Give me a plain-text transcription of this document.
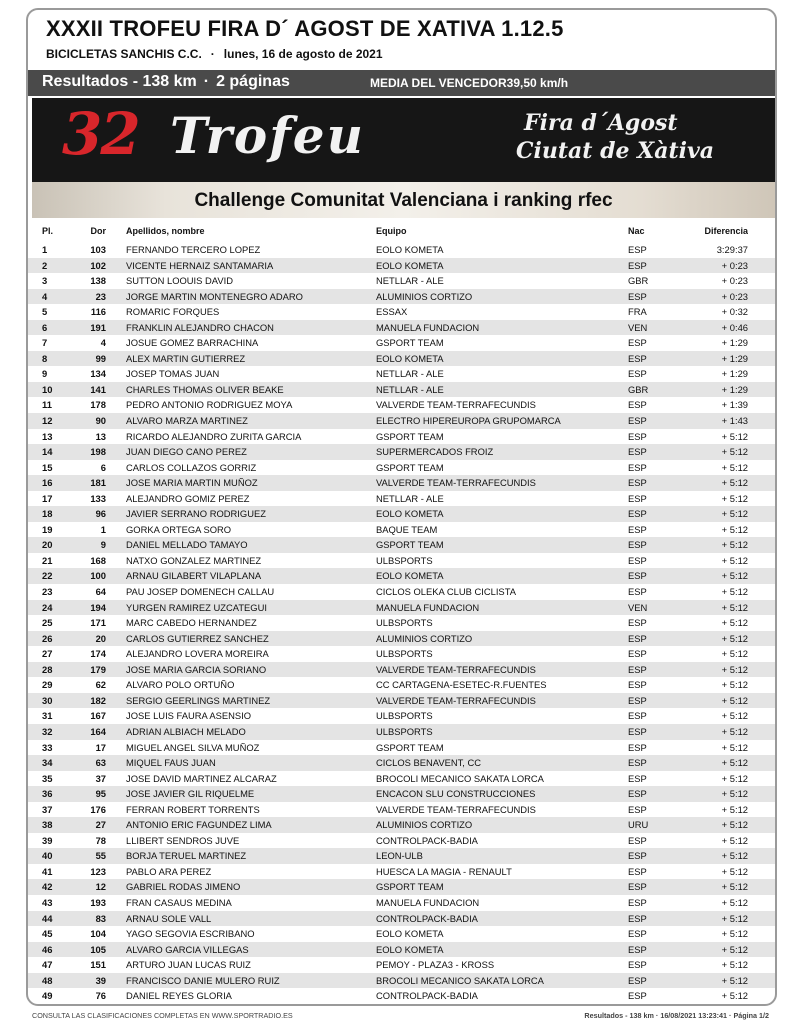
XXXII TROFEU FIRA D´ AGOST DE XATIVA 1.12.5
BICICLETAS SANCHIS C.C. · lunes, 16 de agosto de 2021
Resultados - 138 km · 2 páginas	MEDIA DEL VENCEDOR39,50 km/h
32 Trofeu	Fira d´Agost
Ciutat de Xàtiva
Challenge Comunitat Valenciana i ranking rfec
Pl.	Dor Apellidos, nombre	Equipo	Nac	Diferencia
1	103 FERNANDO TERCERO LOPEZ	EOLO KOMETA	ESP	3:29:37
2	102 VICENTE HERNAIZ SANTAMARIA	EOLO KOMETA	ESP	+ 0:23
3	138 SUTTON LOOUIS DAVID	NETLLAR - ALE	GBR	+ 0:23
4	23 JORGE MARTIN MONTENEGRO ADARO	ALUMINIOS CORTIZO	ESP	+ 0:23
5	116 ROMARIC FORQUES	ESSAX	FRA	+ 0:32
6	191 FRANKLIN ALEJANDRO CHACON	MANUELA FUNDACION	VEN	+ 0:46
7	4 JOSUE GOMEZ BARRACHINA	GSPORT TEAM	ESP	+ 1:29
8	99 ALEX MARTIN GUTIERREZ	EOLO KOMETA	ESP	+ 1:29
9	134 JOSEP TOMAS JUAN	NETLLAR - ALE	ESP	+ 1:29
10	141 CHARLES THOMAS OLIVER BEAKE	NETLLAR - ALE	GBR	+ 1:29
11	178 PEDRO ANTONIO RODRIGUEZ MOYA	VALVERDE TEAM-TERRAFECUNDIS	ESP	+ 1:39
12	90 ALVARO MARZA MARTINEZ	ELECTRO HIPEREUROPA GRUPOMARCA	ESP	+ 1:43
13	13 RICARDO ALEJANDRO ZURITA GARCIA	GSPORT TEAM	ESP	+ 5:12
14	198 JUAN DIEGO CANO PEREZ	SUPERMERCADOS FROIZ	ESP	+ 5:12
15	6 CARLOS COLLAZOS GORRIZ	GSPORT TEAM	ESP	+ 5:12
16	181 JOSE MARIA MARTIN MUÑOZ	VALVERDE TEAM-TERRAFECUNDIS	ESP	+ 5:12
17	133 ALEJANDRO GOMIZ PEREZ	NETLLAR - ALE	ESP	+ 5:12
18	96 JAVIER SERRANO RODRIGUEZ	EOLO KOMETA	ESP	+ 5:12
19	1 GORKA ORTEGA SORO	BAQUE TEAM	ESP	+ 5:12
20	9 DANIEL MELLADO TAMAYO	GSPORT TEAM	ESP	+ 5:12
21	168 NATXO GONZALEZ MARTINEZ	ULBSPORTS	ESP	+ 5:12
22	100 ARNAU GILABERT VILAPLANA	EOLO KOMETA	ESP	+ 5:12
23	64 PAU JOSEP DOMENECH CALLAU	CICLOS OLEKA CLUB CICLISTA	ESP	+ 5:12
24	194 YURGEN RAMIREZ UZCATEGUI	MANUELA FUNDACION	VEN	+ 5:12
25	171 MARC CABEDO HERNANDEZ	ULBSPORTS	ESP	+ 5:12
26	20 CARLOS GUTIERREZ SANCHEZ	ALUMINIOS CORTIZO	ESP	+ 5:12
27	174 ALEJANDRO LOVERA MOREIRA	ULBSPORTS	ESP	+ 5:12
28	179 JOSE MARIA GARCIA SORIANO	VALVERDE TEAM-TERRAFECUNDIS	ESP	+ 5:12
29	62 ALVARO POLO ORTUÑO	CC CARTAGENA-ESETEC-R.FUENTES	ESP	+ 5:12
30	182 SERGIO GEERLINGS MARTINEZ	VALVERDE TEAM-TERRAFECUNDIS	ESP	+ 5:12
31	167 JOSE LUIS FAURA ASENSIO	ULBSPORTS	ESP	+ 5:12
32	164 ADRIAN ALBIACH MELADO	ULBSPORTS	ESP	+ 5:12
33	17 MIGUEL ANGEL SILVA MUÑOZ	GSPORT TEAM	ESP	+ 5:12
34	63 MIQUEL FAUS JUAN	CICLOS BENAVENT, CC	ESP	+ 5:12
35	37 JOSE DAVID MARTINEZ ALCARAZ	BROCOLI MECANICO SAKATA LORCA	ESP	+ 5:12
36	95 JOSE JAVIER GIL RIQUELME	ENCACON SLU CONSTRUCCIONES	ESP	+ 5:12
37	176 FERRAN ROBERT TORRENTS	VALVERDE TEAM-TERRAFECUNDIS	ESP	+ 5:12
38	27 ANTONIO ERIC FAGUNDEZ LIMA	ALUMINIOS CORTIZO	URU	+ 5:12
39	78 LLIBERT SENDROS JUVE	CONTROLPACK-BADIA	ESP	+ 5:12
40	55 BORJA TERUEL MARTINEZ	LEON-ULB	ESP	+ 5:12
41	123 PABLO ARA PEREZ	HUESCA LA MAGIA - RENAULT	ESP	+ 5:12
42	12 GABRIEL RODAS JIMENO	GSPORT TEAM	ESP	+ 5:12
43	193 FRAN CASAUS MEDINA	MANUELA FUNDACION	ESP	+ 5:12
44	83 ARNAU SOLE VALL	CONTROLPACK-BADIA	ESP	+ 5:12
45	104 YAGO SEGOVIA ESCRIBANO	EOLO KOMETA	ESP	+ 5:12
46	105 ALVARO GARCIA VILLEGAS	EOLO KOMETA	ESP	+ 5:12
47	151 ARTURO JUAN LUCAS RUIZ	PEMOY - PLAZA3 - KROSS	ESP	+ 5:12
48	39 FRANCISCO DANIE MULERO RUIZ	BROCOLI MECANICO SAKATA LORCA	ESP	+ 5:12
49	76 DANIEL REYES GLORIA	CONTROLPACK-BADIA	ESP	+ 5:12
CONSULTA LAS CLASIFICACIONES COMPLETAS EN WWW.SPORTRADIO.ES	Resultados - 138 km · 16/08/2021 13:23:41 · Página 1/2
